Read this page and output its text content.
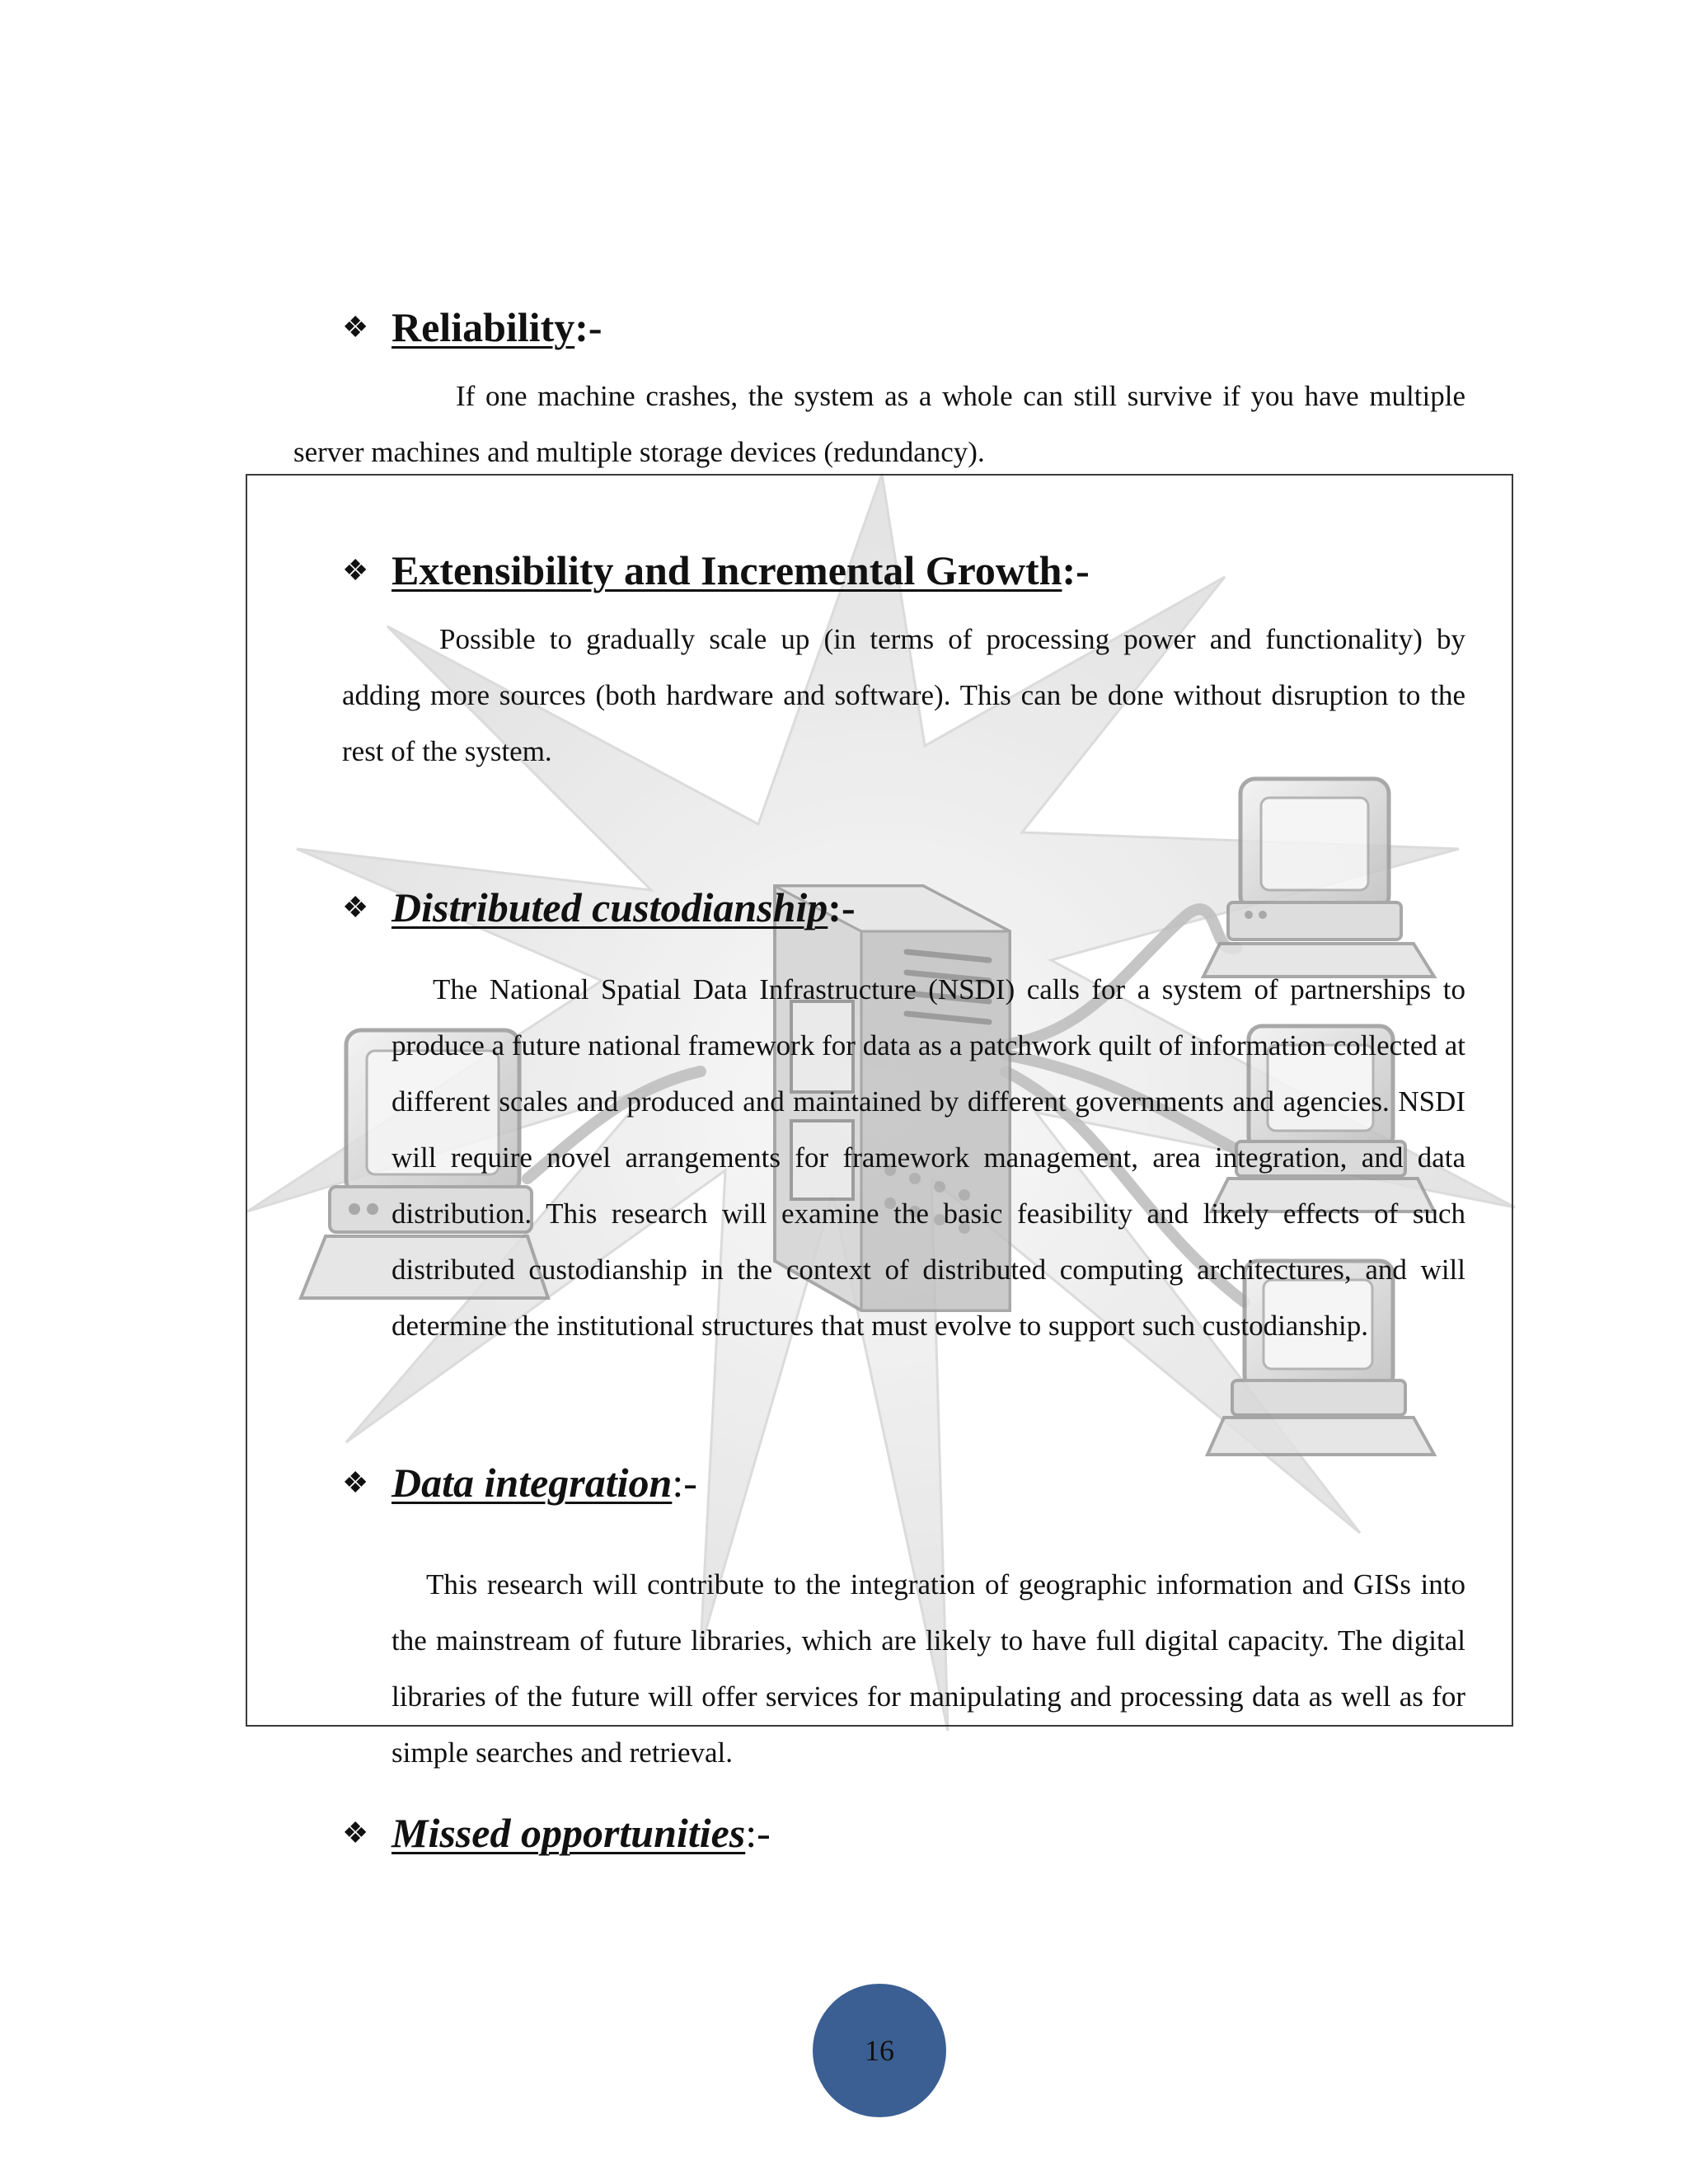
❖ Reliability :-

If one machine crashes, the system as a whole can still survive if you have multiple server machines and multiple storage devices (redundancy).

❖ Extensibility and Incremental Growth :-

Possible to gradually scale up (in terms of processing power and functionality) by adding more sources (both hardware and software). This can be done without disruption to the rest of the system.

❖ Distributed custodianship :-

The National Spatial Data Infrastructure (NSDI) calls for a system of partnerships to produce a future national framework for data as a patchwork quilt of information collected at different scales and produced and maintained by different governments and agencies. NSDI will require novel arrangements for framework management, area integration, and data distribution. This research will examine the basic feasibility and likely effects of such distributed custodianship in the context of distributed computing architectures, and will determine the institutional structures that must evolve to support such custodianship.

❖ Data integration :-

This research will contribute to the integration of geographic information and GISs into the mainstream of future libraries, which are likely to have full digital capacity. The digital libraries of the future will offer services for manipulating and processing data as well as for simple searches and retrieval.

❖ Missed opportunities :-
16
